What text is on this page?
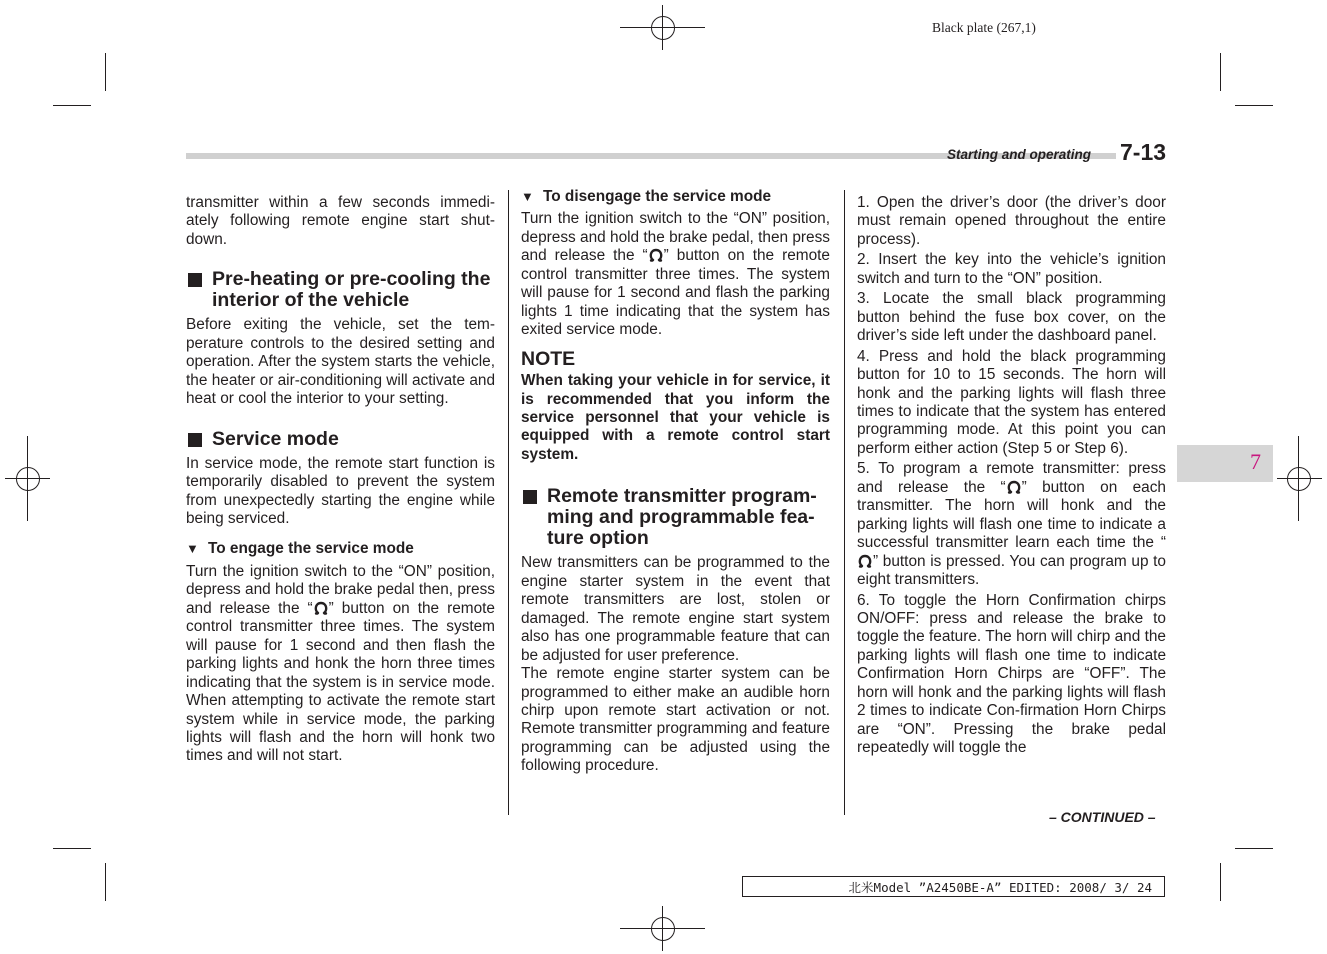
Black plate (267,1)
Starting and operating 7-13

transmitter within a few seconds immedi-ately following remote engine start shut-down.

Pre-heating or pre-cooling the interior of the vehicle

Before exiting the vehicle, set the tem-perature controls to the desired setting and operation. After the system starts the vehicle, the heater or air-conditioning will activate and heat or cool the interior to your setting.

Service mode

In service mode, the remote start function is temporarily disabled to prevent the system from unexpectedly starting the engine while being serviced.

▼ To engage the service mode

Turn the ignition switch to the “ON” position, depress and hold the brake pedal then, press and release the “ ” button on the remote control transmitter three times. The system will pause for 1 second and then flash the parking lights and honk the horn three times indicating that the system is in service mode. When attempting to activate the remote start system while in service mode, the parking lights will flash and the horn will honk two times and will not start.

▼ To disengage the service mode

Turn the ignition switch to the “ON” position, depress and hold the brake pedal, then press and release the “ ” button on the remote control transmitter three times. The system will pause for 1 second and flash the parking lights 1 time indicating that the system has exited service mode.

NOTE

When taking your vehicle in for service, it is recommended that you inform the service personnel that your vehicle is equipped with a remote control start system.

Remote transmitter program-ming and programmable fea-ture option

New transmitters can be programmed to the engine starter system in the event that remote transmitters are lost, stolen or damaged. The remote engine start system also has one programmable feature that can be adjusted for user preference.

The remote engine starter system can be programmed to either make an audible horn chirp upon remote start activation or not. Remote transmitter programming and feature programming can be adjusted using the following procedure.

1. Open the driver’s door (the driver’s door must remain opened throughout the entire process).

2. Insert the key into the vehicle’s ignition switch and turn to the “ON” position.

3. Locate the small black programming button behind the fuse box cover, on the driver’s side left under the dashboard panel.

4. Press and hold the black programming button for 10 to 15 seconds. The horn will honk and the parking lights will flash three times to indicate that the system has entered programming mode. At this point you can perform either action (Step 5 or Step 6).

5. To program a remote transmitter: press and release the “ ” button on each transmitter. The horn will honk and the parking lights will flash one time to indicate a successful transmitter learn each time the “” button is pressed. You can program up to eight transmitters.

6. To toggle the Horn Confirmation chirps ON/OFF: press and release the brake to toggle the feature. The horn will chirp and the parking lights will flash one time to indicate Confirmation Horn Chirps are “OFF”. The horn will honk and the parking lights will flash 2 times to indicate Con-firmation Horn Chirps are “ON”. Pressing the brake pedal repeatedly will toggle the

– CONTINUED –
7
北米Model ”A2450BE-A” EDITED: 2008/ 3/ 24
